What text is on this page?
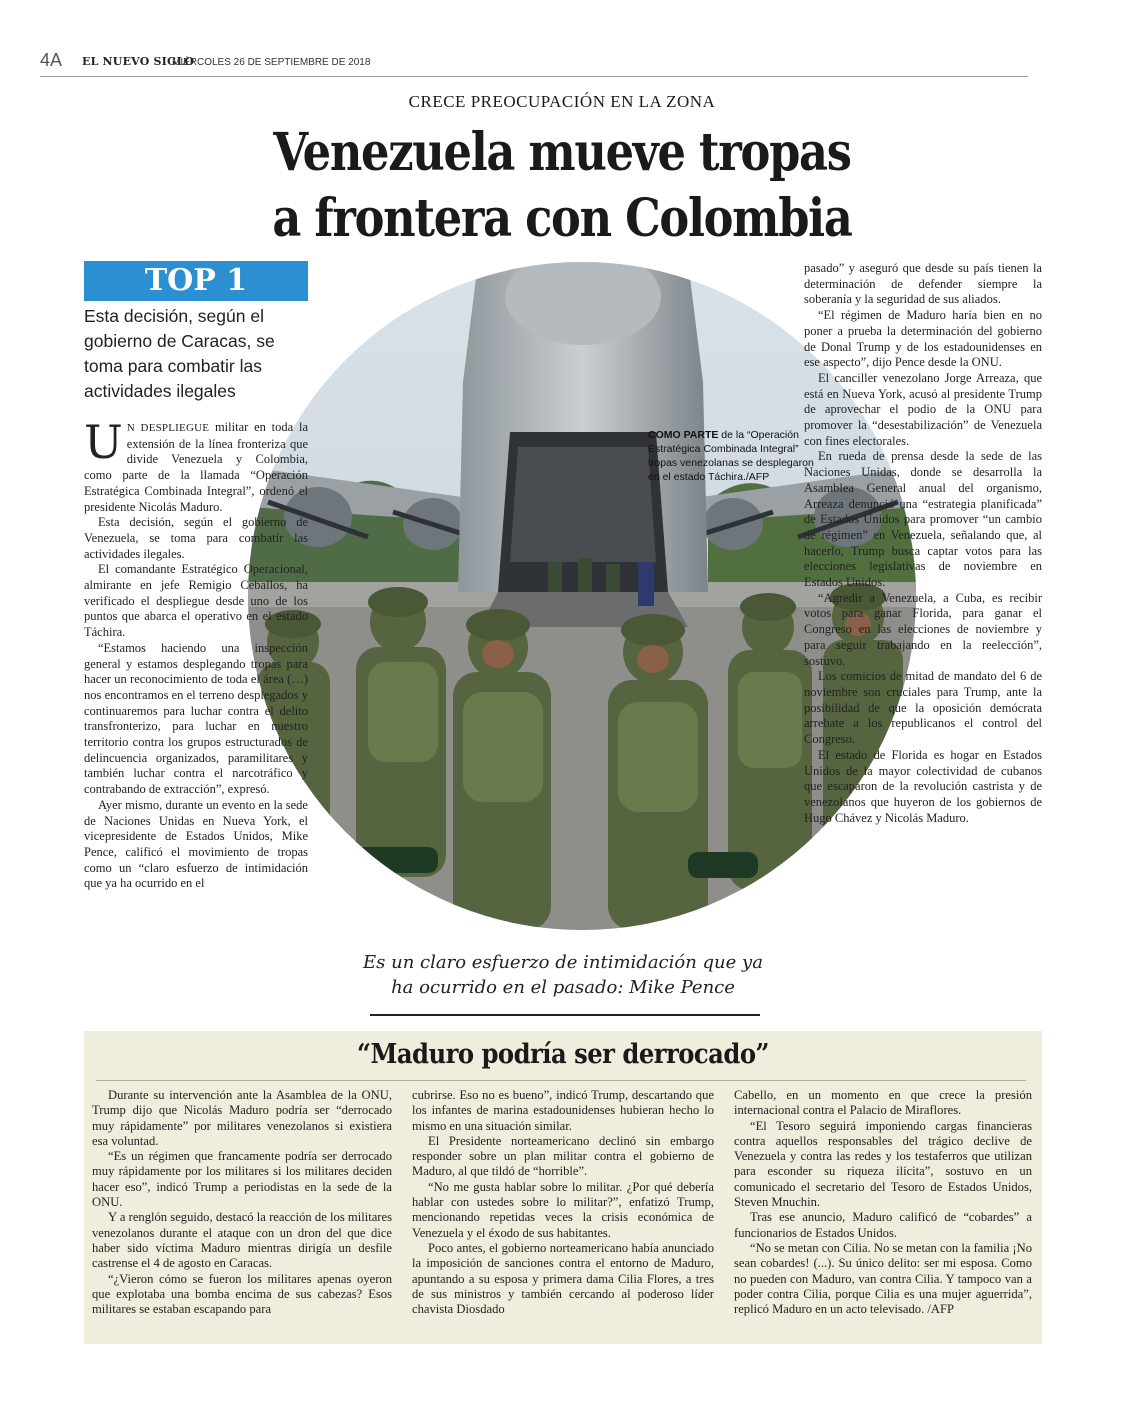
4A EL NUEVO SIGLO
MIÉRCOLES 26 DE SEPTIEMBRE DE 2018
CRECE PREOCUPACIÓN EN LA ZONA
Venezuela mueve tropas
a frontera con Colombia
COMO PARTE de la “Operación Estratégica Combinada Integral” tropas venezolanas se desplegaron en el estado Táchira./AFP
TOP 1
Esta decisión, según el gobierno de Caracas, se toma para combatir las actividades ilegales

U N DESPLIEGUE militar en toda la extensión de la línea fronteriza que divide Venezuela y Colombia, como parte de la llamada “Operación Estratégica Combinada Integral”, ordenó el presidente Nicolás Maduro.

Esta decisión, según el gobierno de Venezuela, se toma para combatir las actividades ilegales.

El comandante Estratégico Operacional, almirante en jefe Remigio Ceballos, ha verificado el despliegue desde uno de los puntos que abarca el operativo en el estado Táchira.

“Estamos haciendo una inspección general y estamos desplegando tropas para hacer un reconocimiento de toda el área (…) nos encontramos en el terreno desplegados y continuaremos para luchar contra el delito transfronterizo, para luchar en nuestro territorio contra los grupos estructurados de delincuencia organizados, paramilitares y también luchar contra el narcotráfico y contrabando de extracción”, expresó.

Ayer mismo, durante un evento en la sede de Naciones Unidas en Nueva York, el vicepresidente de Estados Unidos, Mike Pence, calificó el movimiento de tropas como un “claro esfuerzo de intimidación que ya ha ocurrido en el

pasado” y aseguró que desde su país tienen la determinación de defender siempre la soberanía y la seguridad de sus aliados.

“El régimen de Maduro haría bien en no poner a prueba la determinación del gobierno de Donal Trump y de los estadounidenses en ese aspecto”, dijo Pence desde la ONU.

El canciller venezolano Jorge Arreaza, que está en Nueva York, acusó al presidente Trump de aprovechar el podio de la ONU para promover la “desestabilización” de Venezuela con fines electorales.

En rueda de prensa desde la sede de las Naciones Unidas, donde se desarrolla la Asamblea General anual del organismo, Arreaza denunció una “estrategia planificada” de Estados Unidos para promover “un cambio de régimen” en Venezuela, señalando que, al hacerlo, Trump busca captar votos para las elecciones legislativas de noviembre en Estados Unidos.

“Agredir a Venezuela, a Cuba, es recibir votos para ganar Florida, para ganar el Congreso en las elecciones de noviembre y para seguir trabajando en la reelección”, sostuvo.

Los comicios de mitad de mandato del 6 de noviembre son cruciales para Trump, ante la posibilidad de que la oposición demócrata arrebate a los republicanos el control del Congreso.

El estado de Florida es hogar en Estados Unidos de la mayor colectividad de cubanos que escaparon de la revolución castrista y de venezolanos que huyeron de los gobiernos de Hugo Chávez y Nicolás Maduro.

Es un claro esfuerzo de intimidación que ya ha ocurrido en el pasado: Mike Pence
“Maduro podría ser derrocado”

Durante su intervención ante la Asamblea de la ONU, Trump dijo que Nicolás Maduro podría ser “derrocado muy rápidamente” por militares venezolanos si existiera esa voluntad.

“Es un régimen que francamente podría ser derrocado muy rápidamente por los militares si los militares deciden hacer eso”, indicó Trump a periodistas en la sede de la ONU.

Y a renglón seguido, destacó la reacción de los militares venezolanos durante el ataque con un dron del que dice haber sido víctima Maduro mientras dirigía un desfile castrense el 4 de agosto en Caracas.

“¿Vieron cómo se fueron los militares apenas oyeron que explotaba una bomba encima de sus cabezas? Esos militares se estaban escapando para

cubrirse. Eso no es bueno”, indicó Trump, descartando que los infantes de marina estadounidenses hubieran hecho lo mismo en una situación similar.

El Presidente norteamericano declinó sin embargo responder sobre un plan militar contra el gobierno de Maduro, al que tildó de “horrible”.

“No me gusta hablar sobre lo militar. ¿Por qué debería hablar con ustedes sobre lo militar?”, enfatizó Trump, mencionando repetidas veces la crisis económica de Venezuela y el éxodo de sus habitantes.

Poco antes, el gobierno norteamericano había anunciado la imposición de sanciones contra el entorno de Maduro, apuntando a su esposa y primera dama Cilia Flores, a tres de sus ministros y también cercando al poderoso líder chavista Diosdado

Cabello, en un momento en que crece la presión internacional contra el Palacio de Miraflores.

“El Tesoro seguirá imponiendo cargas financieras contra aquellos responsables del trágico declive de Venezuela y contra las redes y los testaferros que utilizan para esconder su riqueza ilícita”, sostuvo en un comunicado el secretario del Tesoro de Estados Unidos, Steven Mnuchin.

Tras ese anuncio, Maduro calificó de “cobardes” a funcionarios de Estados Unidos.

“No se metan con Cilia. No se metan con la familia ¡No sean cobardes! (...). Su único delito: ser mi esposa. Como no pueden con Maduro, van contra Cilia. Y tampoco van a poder contra Cilia, porque Cilia es una mujer aguerrida”, replicó Maduro en un acto televisado. /AFP
